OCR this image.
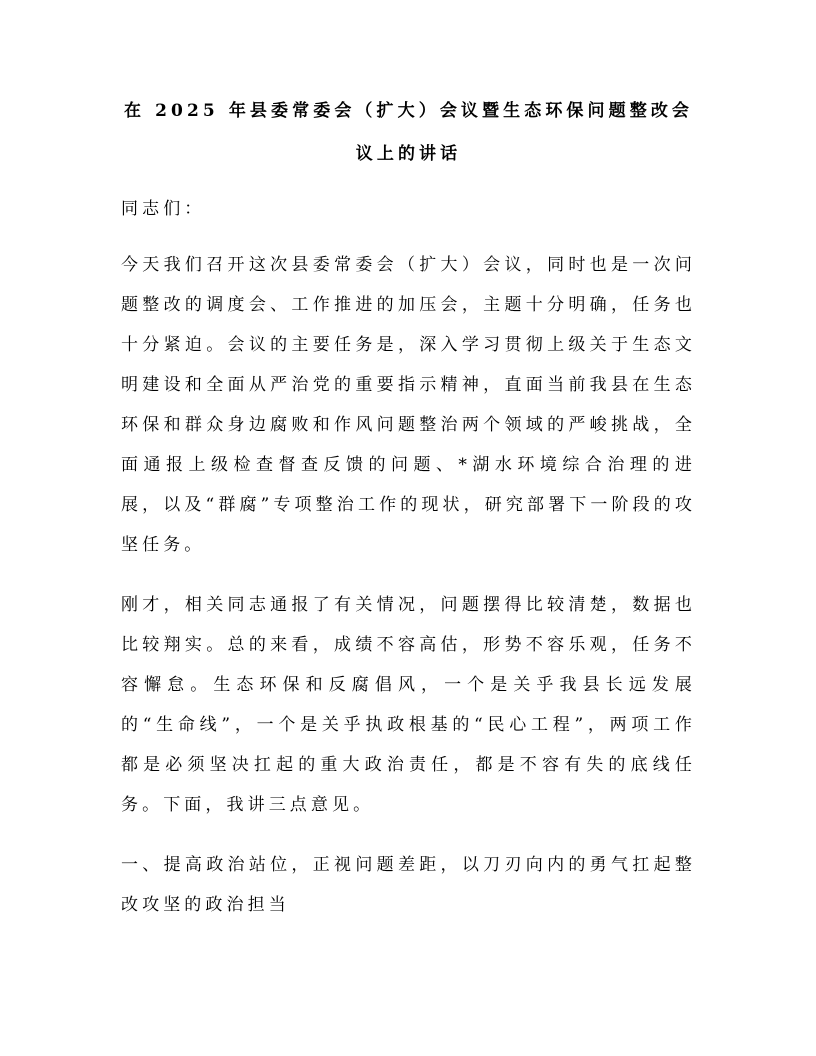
在 2025 年县委常委会（扩大）会议暨生态环保问题整改会议上的讲话

同志们：

今天我们召开这次县委常委会（扩大）会议，同时也是一次问题整改的调度会、工作推进的加压会，主题十分明确，任务也十分紧迫。会议的主要任务是，深入学习贯彻上级关于生态文明建设和全面从严治党的重要指示精神，直面当前我县在生态环保和群众身边腐败和作风问题整治两个领域的严峻挑战，全面通报上级检查督查反馈的问题、*湖水环境综合治理的进展，以及“群腐”专项整治工作的现状，研究部署下一阶段的攻坚任务。

刚才，相关同志通报了有关情况，问题摆得比较清楚，数据也比较翔实。总的来看，成绩不容高估，形势不容乐观，任务不容懈怠。生态环保和反腐倡风，一个是关乎我县长远发展的“生命线”，一个是关乎执政根基的“民心工程”，两项工作都是必须坚决扛起的重大政治责任，都是不容有失的底线任务。下面，我讲三点意见。

一、提高政治站位，正视问题差距，以刀刃向内的勇气扛起整改攻坚的政治担当
